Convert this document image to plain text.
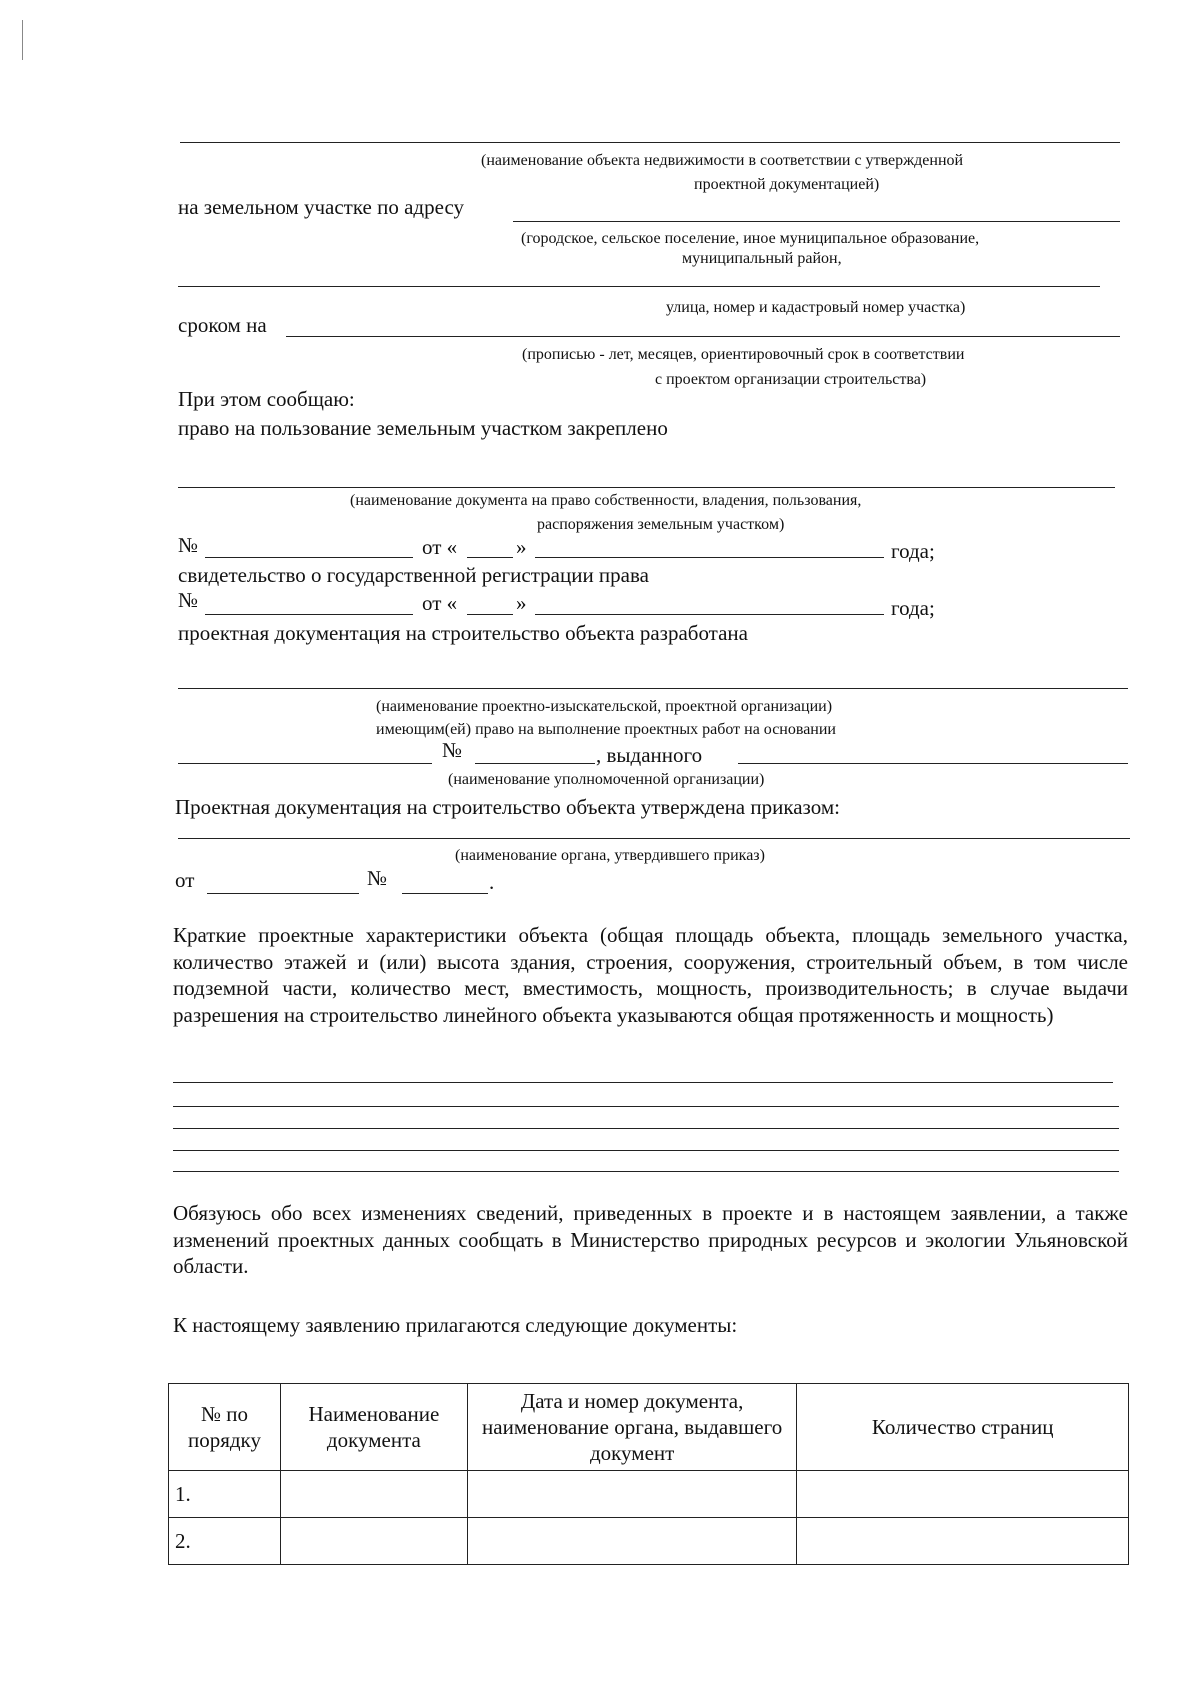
(наименование объекта недвижимости в соответствии с утвержденной
проектной документацией)
на земельном участке по адресу
(городское, сельское поселение, иное муниципальное образование,
муниципальный район,
улица, номер и кадастровый номер участка)
сроком на
(прописью - лет, месяцев, ориентировочный срок в соответствии
с проектом организации строительства)
При этом сообщаю:
право на пользование земельным участком закреплено
(наименование документа на право собственности, владения, пользования,
распоряжения земельным участком)
№	от «	»	года;
свидетельство о государственной регистрации права
№	от «	»	года;
проектная документация на строительство объекта разработана
(наименование проектно-изыскательской, проектной организации)
имеющим(ей) право на выполнение проектных работ на основании
№	, выданного
(наименование уполномоченной организации)
Проектная документация на строительство объекта утверждена приказом:
(наименование органа, утвердившего приказ)
от	№	.
Краткие проектные характеристики объекта (общая площадь объекта, площадь земельного участка, количество этажей и (или) высота здания, строения, сооружения, строительный объем, в том числе подземной части, количество мест, вместимость, мощность, производительность; в случае выдачи разрешения на строительство линейного объекта указываются общая протяженность и мощность)
Обязуюсь обо всех изменениях сведений, приведенных в проекте и в настоящем заявлении, а также изменений проектных данных сообщать в Министерство природных ресурсов и экологии Ульяновской области.
К настоящему заявлению прилагаются следующие документы:
№ по порядку	Наименование документа	Дата и номер документа, наименование органа, выдавшего документ	Количество страниц
1.			
2.			
